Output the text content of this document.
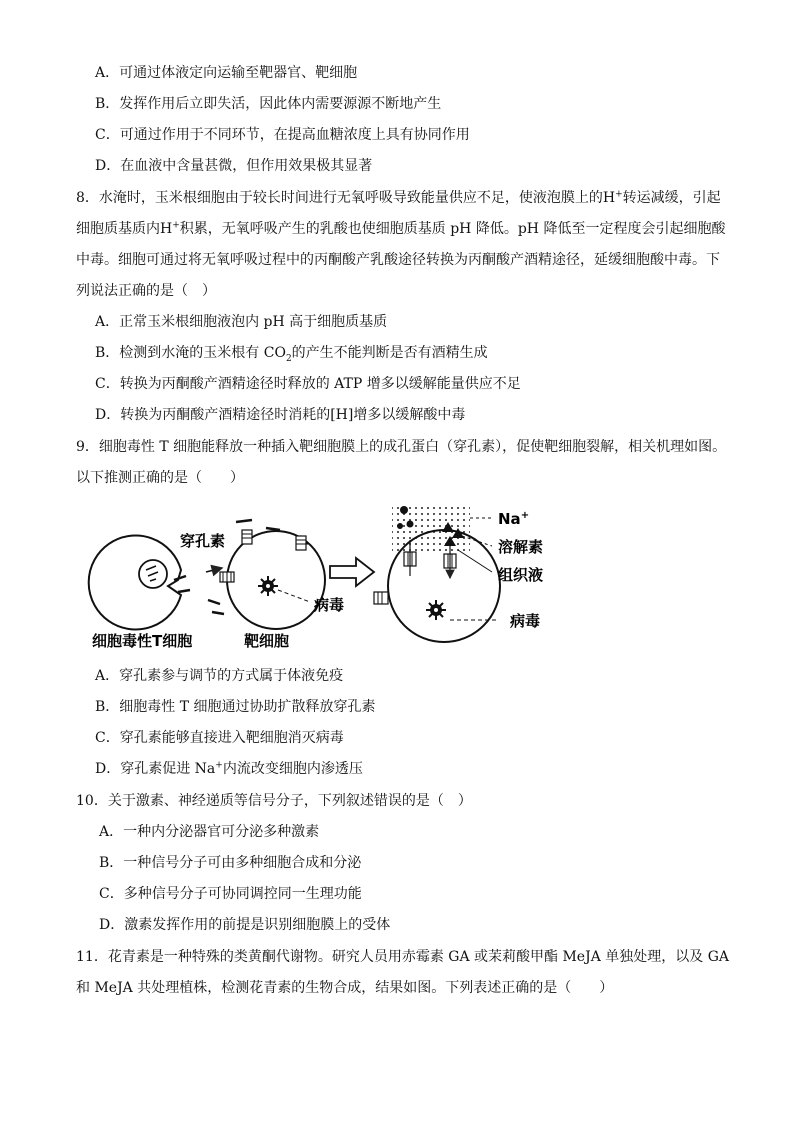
A．可通过体液定向运输至靶器官、靶细胞
B．发挥作用后立即失活，因此体内需要源源不断地产生
C．可通过作用于不同环节，在提高血糖浓度上具有协同作用
D．在血液中含量甚微，但作用效果极其显著
8．水淹时，玉米根细胞由于较长时间进行无氧呼吸导致能量供应不足，使液泡膜上的H+转运减缓，引起
细胞质基质内H+积累，无氧呼吸产生的乳酸也使细胞质基质 pH 降低。pH 降低至一定程度会引起细胞酸
中毒。细胞可通过将无氧呼吸过程中的丙酮酸产乳酸途径转换为丙酮酸产酒精途径，延缓细胞酸中毒。下
列说法正确的是（　）
A．正常玉米根细胞液泡内 pH 高于细胞质基质
B．检测到水淹的玉米根有 $CO_2$的产生不能判断是否有酒精生成
C．转换为丙酮酸产酒精途径时释放的 ATP 增多以缓解能量供应不足
D．转换为丙酮酸产酒精途径时消耗的[H]增多以缓解酸中毒
9．细胞毒性 T 细胞能释放一种插入靶细胞膜上的成孔蛋白（穿孔素），促使靶细胞裂解，相关机理如图。
以下推测正确的是（　　）
穿孔素
病毒
细胞毒性T细胞	靶细胞
Na+
溶解素
组织液
病毒
A．穿孔素参与调节的方式属于体液免疫
B．细胞毒性 T 细胞通过协助扩散释放穿孔素
C．穿孔素能够直接进入靶细胞消灭病毒
D．穿孔素促进 Na+内流改变细胞内渗透压
10．关于激素、神经递质等信号分子，下列叙述错误的是（　）
A．一种内分泌器官可分泌多种激素
B．一种信号分子可由多种细胞合成和分泌
C．多种信号分子可协同调控同一生理功能
D．激素发挥作用的前提是识别细胞膜上的受体
11．花青素是一种特殊的类黄酮代谢物。研究人员用赤霉素 GA 或茉莉酸甲酯 MeJA 单独处理，以及 GA
和 MeJA 共处理植株，检测花青素的生物合成，结果如图。下列表述正确的是（　　）
